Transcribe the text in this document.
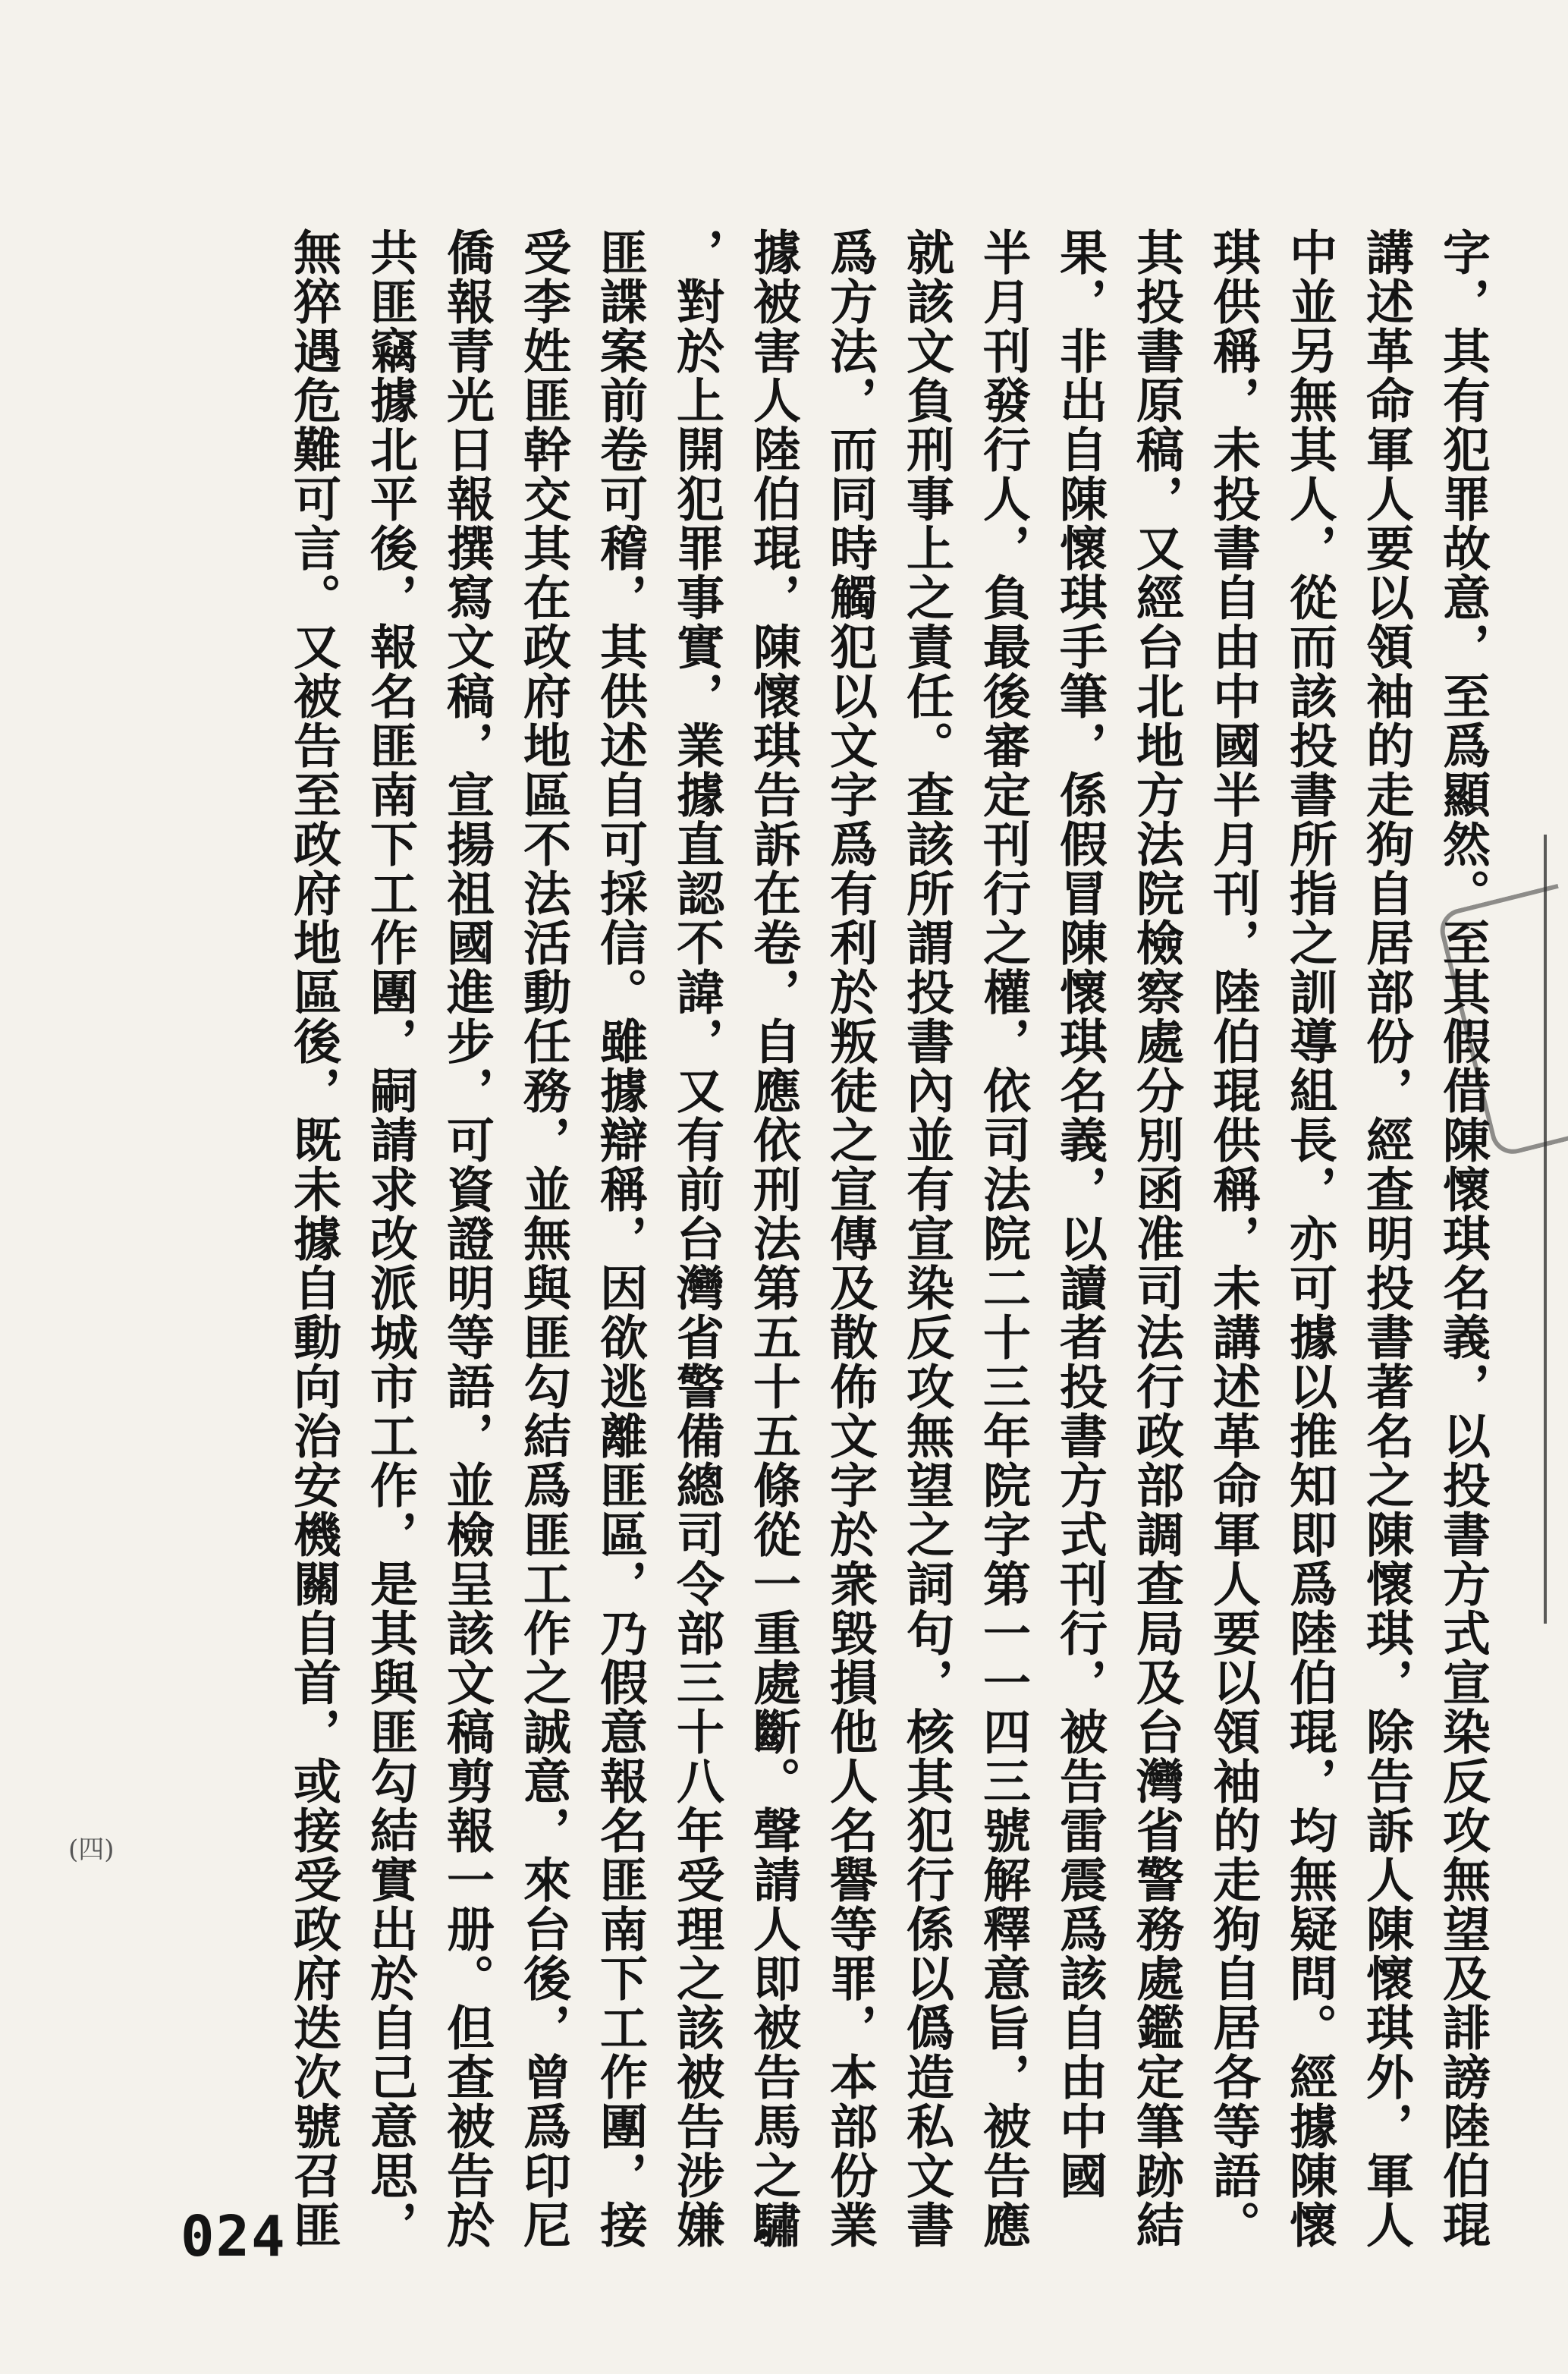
字，其有犯罪故意，至爲顯然。至其假借陳懷琪名義，以投書方式宣染反攻無望及誹謗陸伯琨
講述革命軍人要以領袖的走狗自居部份，經查明投書著名之陳懷琪，除告訴人陳懷琪外，軍人
中並另無其人，從而該投書所指之訓導組長，亦可據以推知即爲陸伯琨，均無疑問。經據陳懷
琪供稱，未投書自由中國半月刊，陸伯琨供稱，未講述革命軍人要以領袖的走狗自居各等語。
其投書原稿，又經台北地方法院檢察處分別函准司法行政部調查局及台灣省警務處鑑定筆跡結
果，非出自陳懷琪手筆，係假冒陳懷琪名義，以讀者投書方式刊行，被告雷震爲該自由中國
半月刊發行人，負最後審定刊行之權，依司法院二十三年院字第一一四三號解釋意旨，被告應
就該文負刑事上之責任。查該所謂投書內並有宣染反攻無望之詞句，核其犯行係以僞造私文書
爲方法，而同時觸犯以文字爲有利於叛徒之宣傳及散佈文字於衆毀損他人名譽等罪，本部份業
據被害人陸伯琨，陳懷琪告訴在卷，自應依刑法第五十五條從一重處斷。聲請人即被告馬之驌
，對於上開犯罪事實，業據直認不諱，又有前台灣省警備總司令部三十八年受理之該被告涉嫌
匪諜案前卷可稽，其供述自可採信。雖據辯稱，因欲逃離匪區，乃假意報名匪南下工作團，接
受李姓匪幹交其在政府地區不法活動任務，並無與匪勾結爲匪工作之誠意，來台後，曾爲印尼
僑報青光日報撰寫文稿，宣揚祖國進步，可資證明等語，並檢呈該文稿剪報一册。但查被告於
共匪竊據北平後，報名匪南下工作團，嗣請求改派城市工作，是其與匪勾結實出於自己意思，
無猝遇危難可言。又被告至政府地區後，既未據自動向治安機關自首，或接受政府迭次號召匪
(四)
024
